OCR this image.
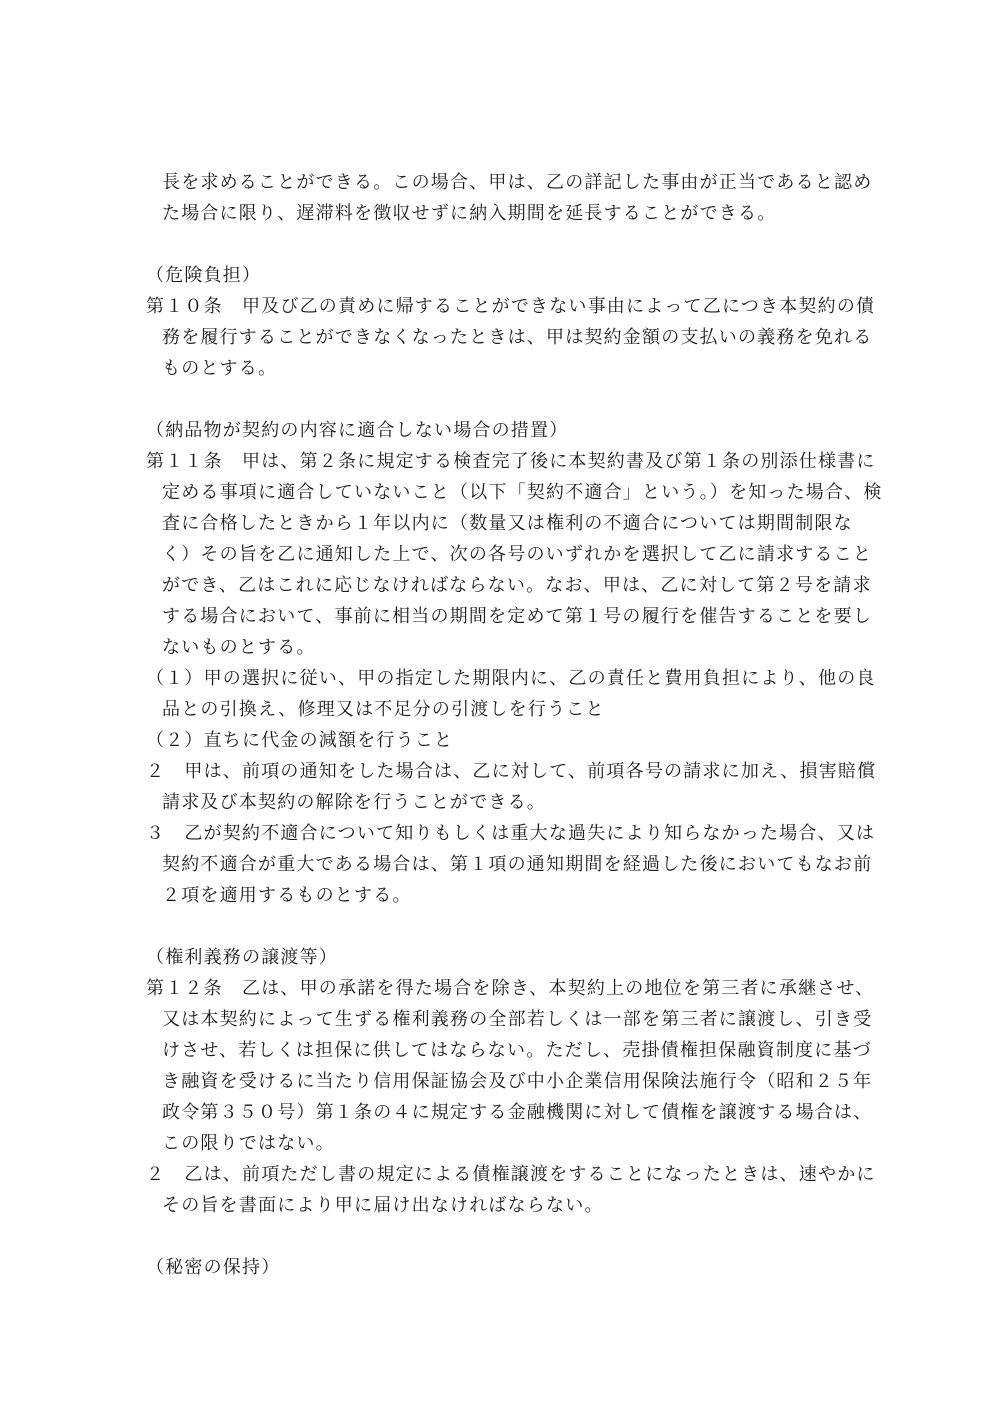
長を求めることができる。この場合、甲は、乙の詳記した事由が正当であると認め
た場合に限り、遅滞料を徴収せずに納入期間を延長することができる。
（危険負担）
第１０条　甲及び乙の責めに帰することができない事由によって乙につき本契約の債
務を履行することができなくなったときは、甲は契約金額の支払いの義務を免れる
ものとする。
（納品物が契約の内容に適合しない場合の措置）
第１１条　甲は、第２条に規定する検査完了後に本契約書及び第１条の別添仕様書に
定める事項に適合していないこと（以下「契約不適合」という。）を知った場合、検
査に合格したときから１年以内に（数量又は権利の不適合については期間制限な
く）その旨を乙に通知した上で、次の各号のいずれかを選択して乙に請求すること
ができ、乙はこれに応じなければならない。なお、甲は、乙に対して第２号を請求
する場合において、事前に相当の期間を定めて第１号の履行を催告することを要し
ないものとする。
（１）甲の選択に従い、甲の指定した期限内に、乙の責任と費用負担により、他の良
品との引換え、修理又は不足分の引渡しを行うこと
（２）直ちに代金の減額を行うこと
２　甲は、前項の通知をした場合は、乙に対して、前項各号の請求に加え、損害賠償
請求及び本契約の解除を行うことができる。
３　乙が契約不適合について知りもしくは重大な過失により知らなかった場合、又は
契約不適合が重大である場合は、第１項の通知期間を経過した後においてもなお前
２項を適用するものとする。
（権利義務の譲渡等）
第１２条　乙は、甲の承諾を得た場合を除き、本契約上の地位を第三者に承継させ、
又は本契約によって生ずる権利義務の全部若しくは一部を第三者に譲渡し、引き受
けさせ、若しくは担保に供してはならない。ただし、売掛債権担保融資制度に基づ
き融資を受けるに当たり信用保証協会及び中小企業信用保険法施行令（昭和２５年
政令第３５０号）第１条の４に規定する金融機関に対して債権を譲渡する場合は、
この限りではない。
２　乙は、前項ただし書の規定による債権譲渡をすることになったときは、速やかに
その旨を書面により甲に届け出なければならない。
（秘密の保持）
